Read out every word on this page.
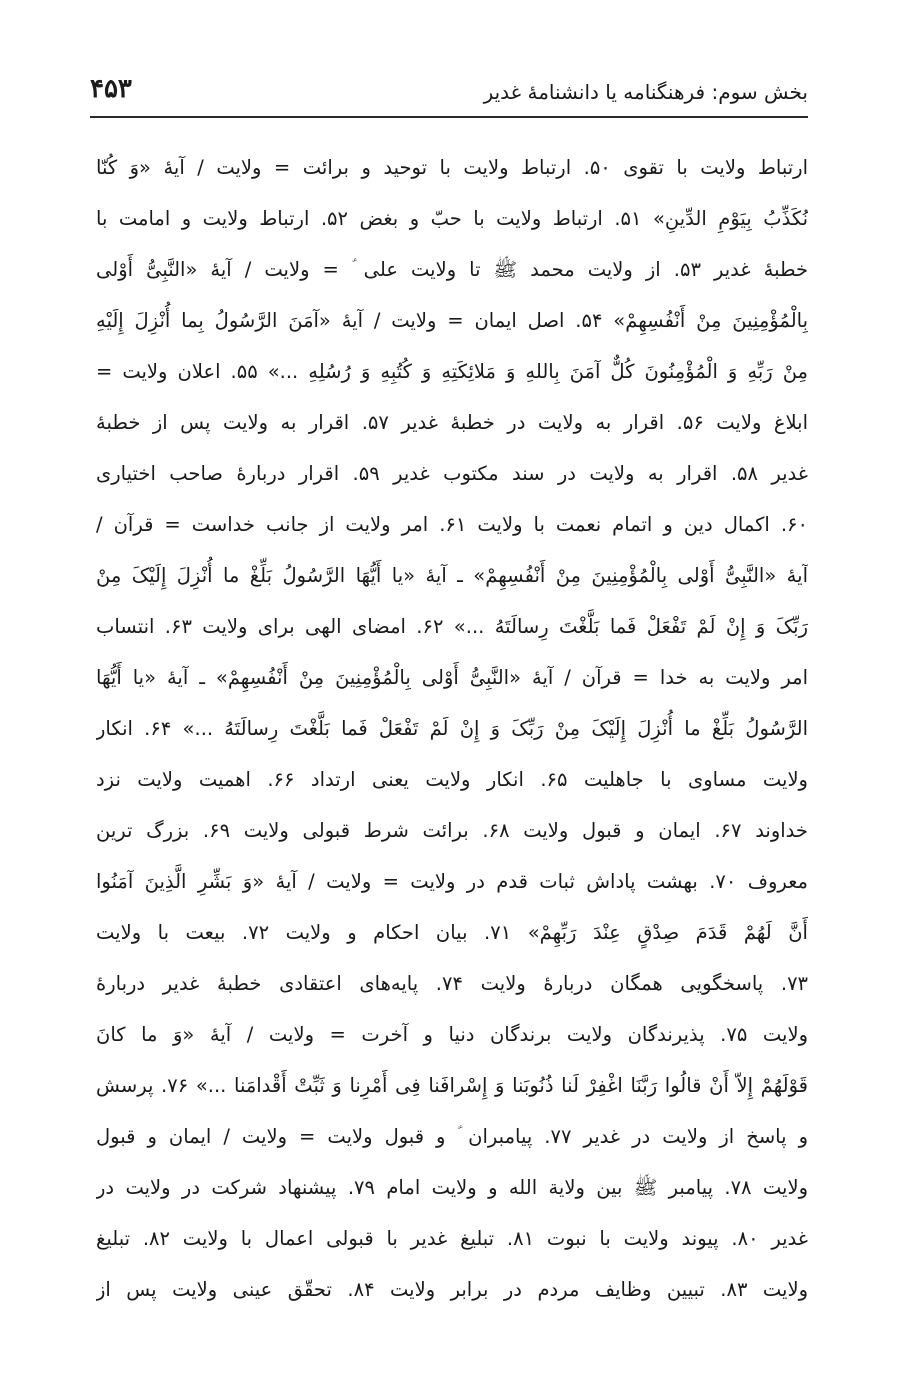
بخش سوم: فرهنگنامه یا دانشنامۀ غدیر
۴۵۳
ارتباط ولایت با تقوی ۵۰. ارتباط ولایت با توحید و برائت = ولایت / آیۀ «وَ کُنّا
نُکَذِّبُ بِیَوْمِ الدِّینِ» ۵۱. ارتباط ولایت با حبّ و بغض ۵۲. ارتباط ولایت و امامت با
خطبۀ غدیر ۵۳. از ولایت محمد ﷺ تا ولایت علی ؑ = ولایت / آیۀ «النَّبِیُّ أَوْلی
بِالْمُؤْمِنِینَ مِنْ أَنْفُسِهِمْ» ۵۴. اصل ایمان = ولایت / آیۀ «آمَنَ الرَّسُولُ بِما أُنْزِلَ إِلَیْهِ
مِنْ رَبِّهِ وَ الْمُؤْمِنُونَ کُلٌّ آمَنَ بِاللهِ وَ مَلائِکَتِهِ وَ کُتُبِهِ وَ رُسُلِهِ ...» ۵۵. اعلان ولایت =
ابلاغ ولایت ۵۶. اقرار به ولایت در خطبۀ غدیر ۵۷. اقرار به ولایت پس از خطبۀ
غدیر ۵۸. اقرار به ولایت در سند مکتوب غدیر ۵۹. اقرار دربارۀ صاحب اختیاری
۶۰. اکمال دین و اتمام نعمت با ولایت ۶۱. امر ولایت از جانب خداست = قرآن /
آیۀ «النَّبِیُّ أَوْلی بِالْمُؤْمِنِینَ مِنْ أَنْفُسِهِمْ» ـ آیۀ «یا أَیُّهَا الرَّسُولُ بَلِّغْ ما أُنْزِلَ إِلَیْکَ مِنْ
رَبِّکَ وَ إِنْ لَمْ تَفْعَلْ فَما بَلَّغْتَ رِسالَتَهُ ...» ۶۲. امضای الهی برای ولایت ۶۳. انتساب
امر ولایت به خدا = قرآن / آیۀ «النَّبِیُّ أَوْلی بِالْمُؤْمِنِینَ مِنْ أَنْفُسِهِمْ» ـ آیۀ «یا أَیُّهَا
الرَّسُولُ بَلِّغْ ما أُنْزِلَ إِلَیْکَ مِنْ رَبِّکَ وَ إِنْ لَمْ تَفْعَلْ فَما بَلَّغْتَ رِسالَتَهُ ...» ۶۴. انکار
ولایت مساوی با جاهلیت ۶۵. انکار ولایت یعنی ارتداد ۶۶. اهمیت ولایت نزد
خداوند ۶۷. ایمان و قبول ولایت ۶۸. برائت شرط قبولی ولایت ۶۹. بزرگ ترین
معروف ۷۰. بهشت پاداش ثبات قدم در ولایت = ولایت / آیۀ «وَ بَشِّرِ الَّذِینَ آمَنُوا
أَنَّ لَهُمْ قَدَمَ صِدْقٍ عِنْدَ رَبِّهِمْ» ۷۱. بیان احکام و ولایت ۷۲. بیعت با ولایت
۷۳. پاسخگویی همگان دربارۀ ولایت ۷۴. پایه‌های اعتقادی خطبۀ غدیر دربارۀ
ولایت ۷۵. پذیرندگان ولایت برندگان دنیا و آخرت = ولایت / آیۀ «وَ ما کانَ
قَوْلَهُمْ إِلاّ أَنْ قالُوا رَبَّنَا اغْفِرْ لَنا ذُنُوبَنا وَ إِسْرافَنا فِی أَمْرِنا وَ ثَبِّتْ أَقْدامَنا ...» ۷۶. پرسش
و پاسخ از ولایت در غدیر ۷۷. پیامبران ؑ و قبول ولایت = ولایت / ایمان و قبول
ولایت ۷۸. پیامبر ﷺ بین ولایة الله و ولایت امام ۷۹. پیشنهاد شرکت در ولایت در
غدیر ۸۰. پیوند ولایت با نبوت ۸۱. تبلیغ غدیر با قبولی اعمال با ولایت ۸۲. تبلیغ
ولایت ۸۳. تبیین وظایف مردم در برابر ولایت ۸۴. تحقّق عینی ولایت پس از
